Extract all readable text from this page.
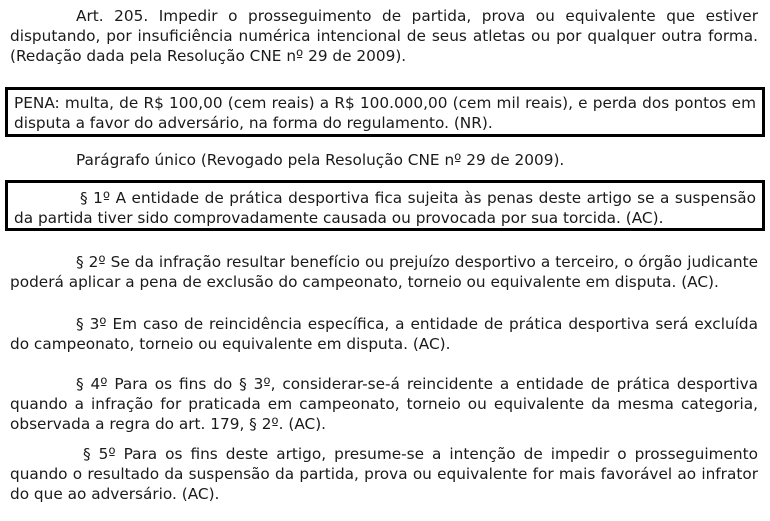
Art. 205. Impedir o prosseguimento de partida, prova ou equivalente que estiver disputando, por insuficiência numérica intencional de seus atletas ou por qualquer outra forma. (Redação dada pela Resolução CNE nº 29 de 2009).

PENA: multa, de R$ 100,00 (cem reais) a R$ 100.000,00 (cem mil reais), e perda dos pontos em disputa a favor do adversário, na forma do regulamento. (NR).

Parágrafo único (Revogado pela Resolução CNE nº 29 de 2009).

§ 1º A entidade de prática desportiva fica sujeita às penas deste artigo se a suspensão da partida tiver sido comprovadamente causada ou provocada por sua torcida. (AC).

§ 2º Se da infração resultar benefício ou prejuízo desportivo a terceiro, o órgão judicante poderá aplicar a pena de exclusão do campeonato, torneio ou equivalente em disputa. (AC).

§ 3º Em caso de reincidência específica, a entidade de prática desportiva será excluída do campeonato, torneio ou equivalente em disputa. (AC).

§ 4º Para os fins do § 3º, considerar-se-á reincidente a entidade de prática desportiva quando a infração for praticada em campeonato, torneio ou equivalente da mesma categoria, observada a regra do art. 179, § 2º. (AC).

§ 5º Para os fins deste artigo, presume-se a intenção de impedir o prosseguimento quando o resultado da suspensão da partida, prova ou equivalente for mais favorável ao infrator do que ao adversário. (AC).
